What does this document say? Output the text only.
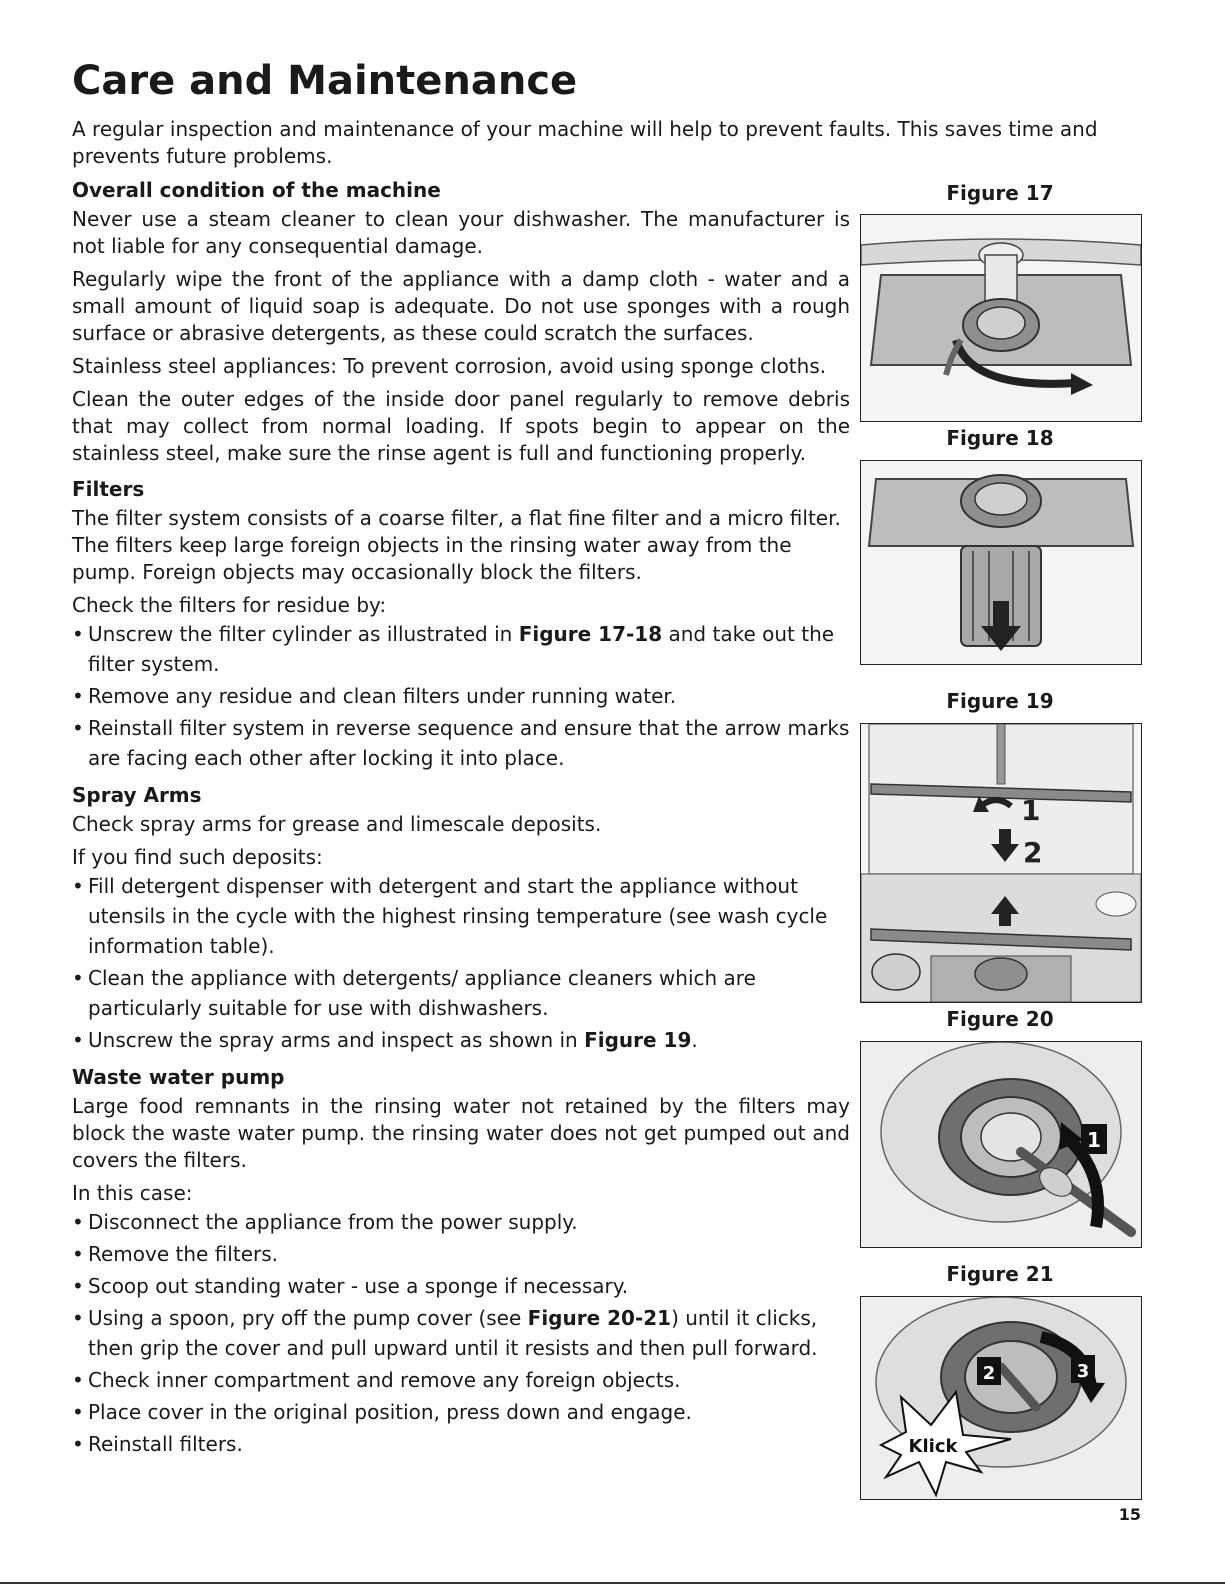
Care and Maintenance

A regular inspection and maintenance of your machine will help to prevent faults. This saves time and prevents future problems.

Overall condition of the machine

Never use a steam cleaner to clean your dishwasher. The manufacturer is not liable for any consequential damage.

Regularly wipe the front of the appliance with a damp cloth - water and a small amount of liquid soap is adequate. Do not use sponges with a rough surface or abrasive detergents, as these could scratch the surfaces.

Stainless steel appliances: To prevent corrosion, avoid using sponge cloths.

Clean the outer edges of the inside door panel regularly to remove debris that may collect from normal loading. If spots begin to appear on the stainless steel, make sure the rinse agent is full and functioning properly.

Filters

The filter system consists of a coarse filter, a flat fine filter and a micro filter. The filters keep large foreign objects in the rinsing water away from the pump. Foreign objects may occasionally block the filters.

Check the filters for residue by:

• Unscrew the filter cylinder as illustrated in Figure 17-18 and take out the filter system.
• Remove any residue and clean filters under running water.
• Reinstall filter system in reverse sequence and ensure that the arrow marks are facing each other after locking it into place.
Spray Arms

Check spray arms for grease and limescale deposits.

If you find such deposits:

• Fill detergent dispenser with detergent and start the appliance without utensils in the cycle with the highest rinsing temperature (see wash cycle information table).
• Clean the appliance with detergents/ appliance cleaners which are particularly suitable for use with dishwashers.
• Unscrew the spray arms and inspect as shown in Figure 19.
Waste water pump

Large food remnants in the rinsing water not retained by the filters may block the waste water pump. the rinsing water does not get pumped out and covers the filters.

In this case:

• Disconnect the appliance from the power supply.
• Remove the filters.
• Scoop out standing water - use a sponge if necessary.
• Using a spoon, pry off the pump cover (see Figure 20-21) until it clicks, then grip the cover and pull upward until it resists and then pull forward.
• Check inner compartment and remove any foreign objects.
• Place cover in the original position, press down and engage.
• Reinstall filters.
Figure 17
Figure 18
Figure 19
1
2
Figure 20
1
Figure 21
2	3
Klick
15
